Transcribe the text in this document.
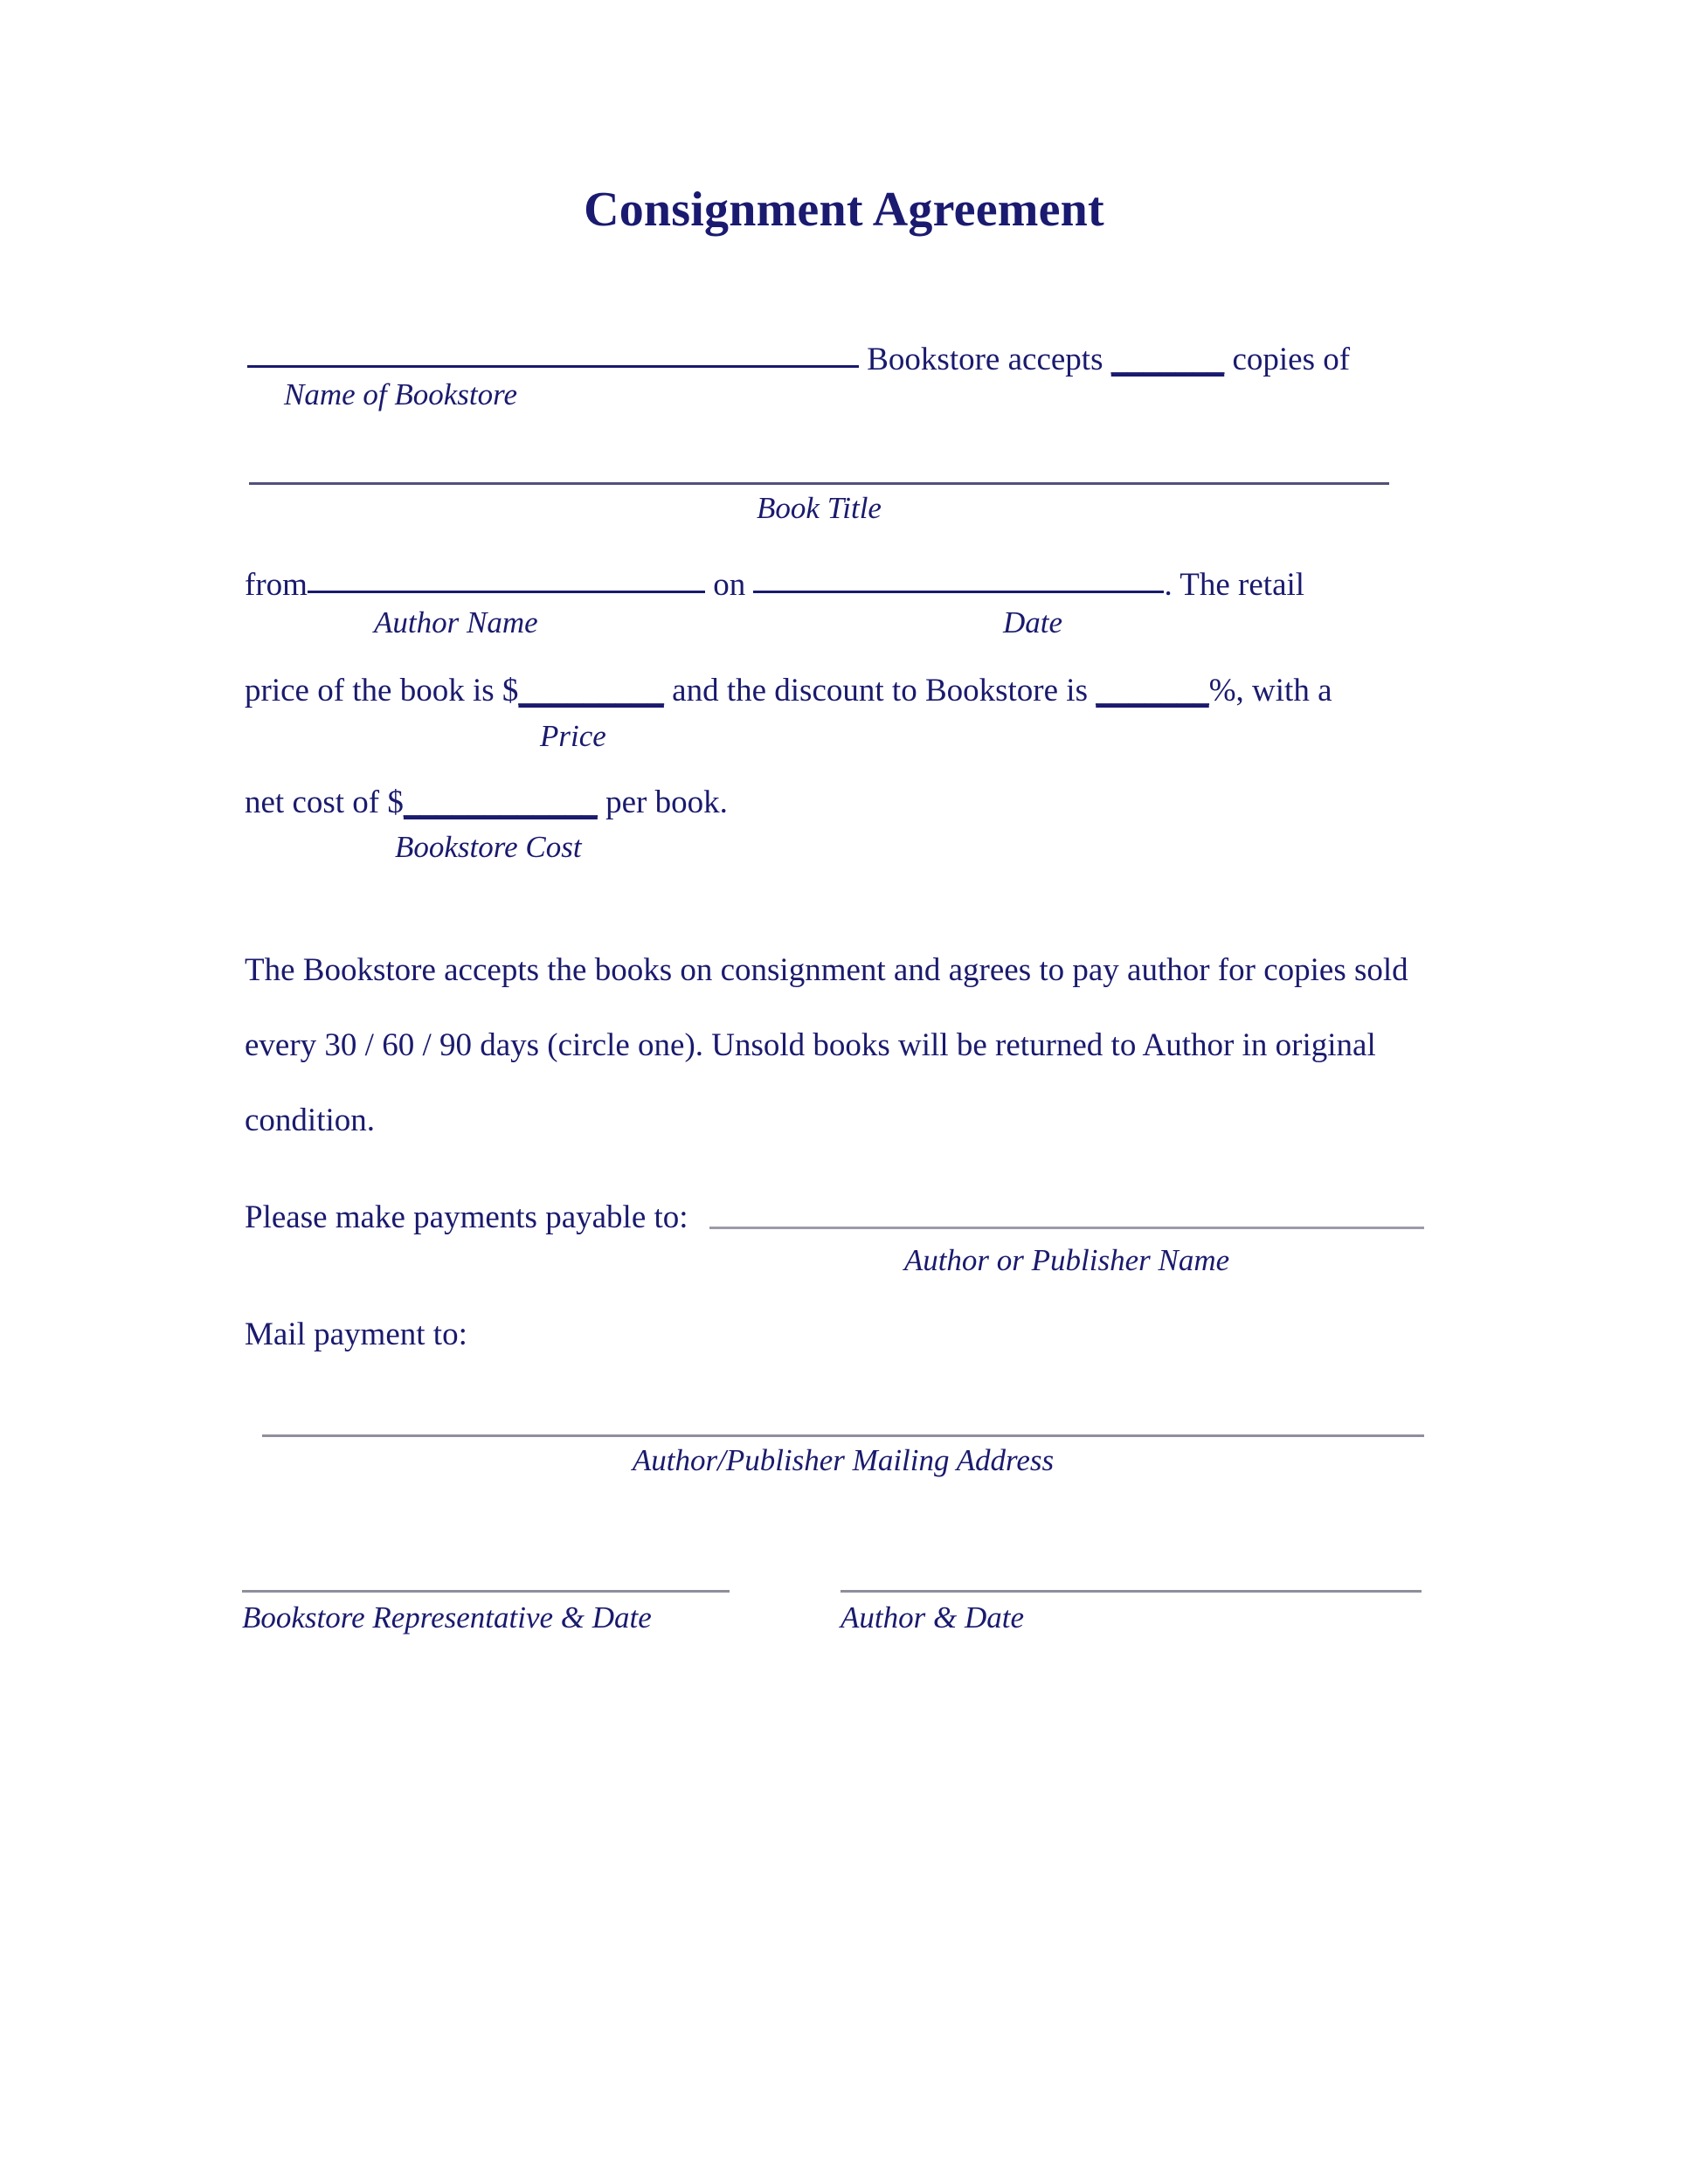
Consignment Agreement
Bookstore accepts _______ copies of
Name of Bookstore
Book Title
from	on	. The retail
Author Name	Date
price of the book is $_________ and the discount to Bookstore is _______%, with a
Price
net cost of $____________ per book.
Bookstore Cost
The Bookstore accepts the books on consignment and agrees to pay author for copies sold every 30 / 60 / 90 days (circle one). Unsold books will be returned to Author in original condition.
Please make payments payable to:
Author or Publisher Name
Mail payment to:
Author/Publisher Mailing Address
Bookstore Representative & Date	Author & Date
